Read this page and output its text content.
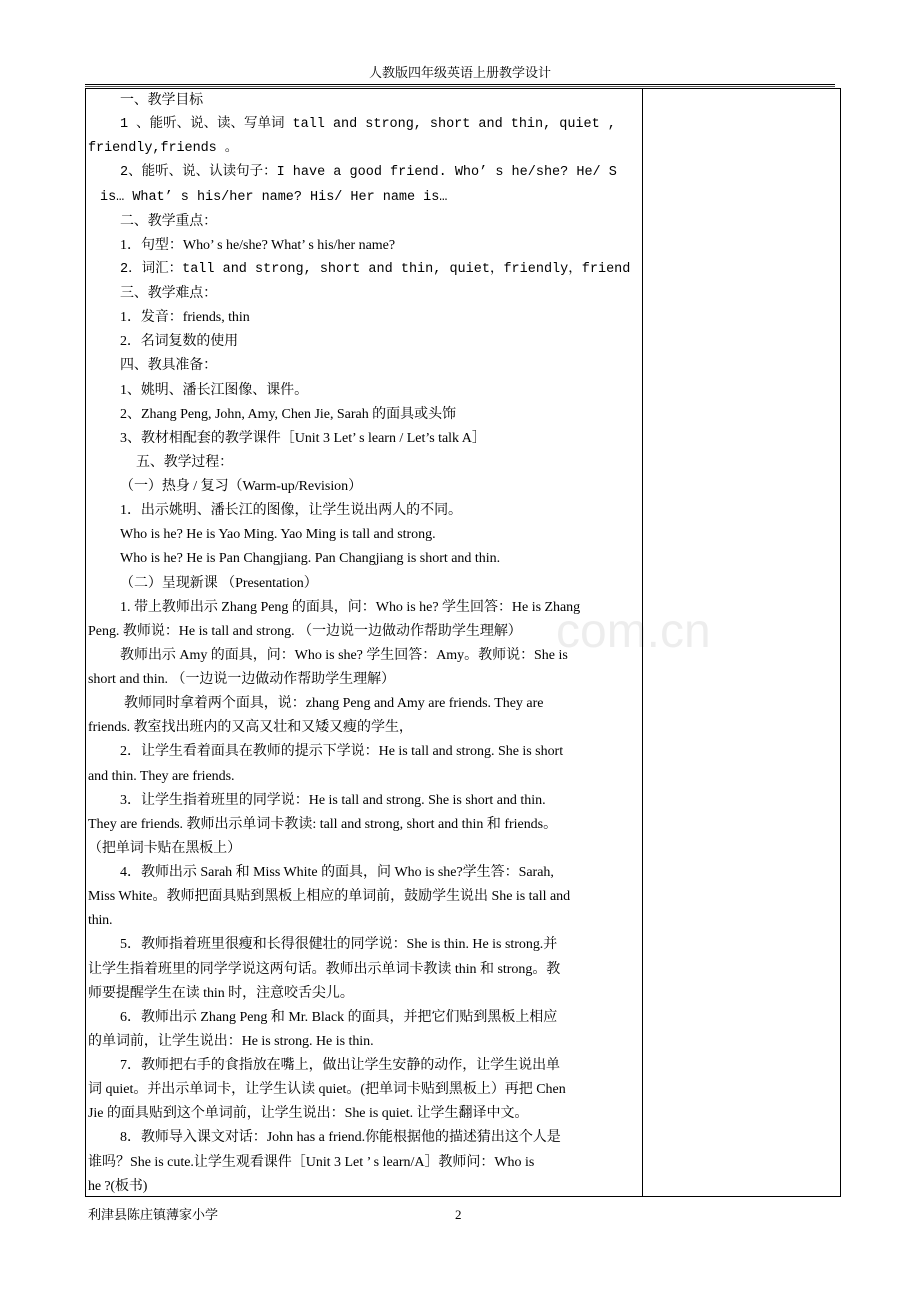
人教版四年级英语上册教学设计
一、教学目标
1 、能听、说、读、写单词 tall and strong, short and thin, quiet ,
friendly,friends 。
2、能听、说、认读句子：I have a good friend. Who’ s he/she? He/ S
is… What’ s his/her name? His/ Her name is…
二、教学重点：
1．句型：Who’ s he/she? What’ s his/her name?
2．词汇：tall and strong, short and thin, quiet，friendly，friend
三、教学难点：
1．发音：friends, thin
2．名词复数的使用
四、教具准备：
1、姚明、潘长江图像、课件。
2、Zhang Peng, John, Amy, Chen Jie, Sarah 的面具或头饰
3、教材相配套的教学课件［Unit 3 Let’ s learn / Let’s talk A］
五、教学过程：
（一）热身 / 复习（Warm-up/Revision）
1．出示姚明、潘长江的图像，让学生说出两人的不同。
Who is he? He is Yao Ming. Yao Ming is tall and strong.
Who is he? He is Pan Changjiang. Pan Changjiang is short and thin.
（二）呈现新课 （Presentation）
1. 带上教师出示 Zhang Peng 的面具，问：Who is he? 学生回答：He is Zhang
Peng. 教师说：He is tall and strong. （一边说一边做动作帮助学生理解）
教师出示 Amy 的面具，问：Who is she? 学生回答：Amy。教师说：She is
short and thin. （一边说一边做动作帮助学生理解）
教师同时拿着两个面具，说：zhang Peng and Amy are friends. They are
friends. 教室找出班内的又高又壮和又矮又瘦的学生，
2．让学生看着面具在教师的提示下学说：He is tall and strong. She is short
and thin. They are friends.
3．让学生指着班里的同学说：He is tall and strong. She is short and thin.
They are friends. 教师出示单词卡教读: tall and strong, short and thin 和 friends。
（把单词卡贴在黑板上）
4．教师出示 Sarah 和 Miss White 的面具，问 Who is she?学生答：Sarah,
Miss White。教师把面具贴到黑板上相应的单词前，鼓励学生说出 She is tall and
thin.
5．教师指着班里很瘦和长得很健壮的同学说：She is thin. He is strong.并
让学生指着班里的同学学说这两句话。教师出示单词卡教读 thin 和 strong。教
师要提醒学生在读 thin 时，注意咬舌尖儿。
6．教师出示 Zhang Peng 和 Mr. Black 的面具，并把它们贴到黑板上相应
的单词前，让学生说出：He is strong. He is thin.
7．教师把右手的食指放在嘴上，做出让学生安静的动作，让学生说出单
词 quiet。并出示单词卡，让学生认读 quiet。(把单词卡贴到黑板上）再把 Chen
Jie 的面具贴到这个单词前，让学生说出：She is quiet. 让学生翻译中文。
8．教师导入课文对话：John has a friend.你能根据他的描述猜出这个人是
谁吗？She is cute.让学生观看课件［Unit 3 Let ’ s learn/A］教师问：Who is
he ?(板书)
com.cn
利津县陈庄镇薄家小学	2
